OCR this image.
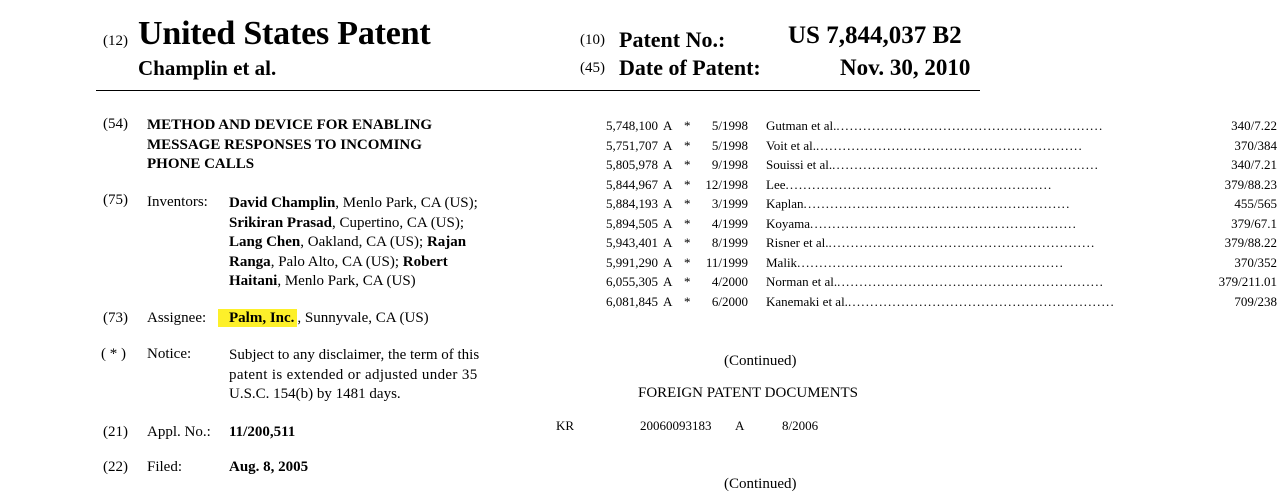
(12) United States Patent
Champlin et al.
(10) Patent No.:	US 7,844,037 B2
(45) Date of Patent:	Nov. 30, 2010
(54) METHOD AND DEVICE FOR ENABLING
MESSAGE RESPONSES TO INCOMING
PHONE CALLS
(75) Inventors: David Champlin, Menlo Park, CA (US);
Srikiran Prasad, Cupertino, CA (US);
Lang Chen, Oakland, CA (US); Rajan
Ranga, Palo Alto, CA (US); Robert
Haitani, Menlo Park, CA (US)
(73) Assignee:	Palm, Inc. , Sunnyvale, CA (US)
( * ) Notice:	Subject to any disclaimer, the term of this
patent is extended or adjusted under 35
U.S.C. 154(b) by 1481 days.
(21) Appl. No.: 11/200,511
(22) Filed:	Aug. 8, 2005
5,748,100 A *	5/1998 Gutman et al. ............................................................	340/7.22
5,751,707 A *	5/1998 Voit et al. ............................................................	370/384
5,805,978 A *	9/1998 Souissi et al. ............................................................	340/7.21
5,844,967 A *	12/1998 Lee ............................................................	379/88.23
5,884,193 A *	3/1999 Kaplan ............................................................	455/565
5,894,505 A *	4/1999 Koyama ............................................................	379/67.1
5,943,401 A *	8/1999 Risner et al. ............................................................	379/88.22
5,991,290 A *	11/1999 Malik ............................................................	370/352
6,055,305 A *	4/2000 Norman et al. ............................................................	379/211.01
6,081,845 A *	6/2000 Kanemaki et al. ............................................................	709/238
(Continued)
FOREIGN PATENT DOCUMENTS
KR	20060093183 A	8/2006
(Continued)
